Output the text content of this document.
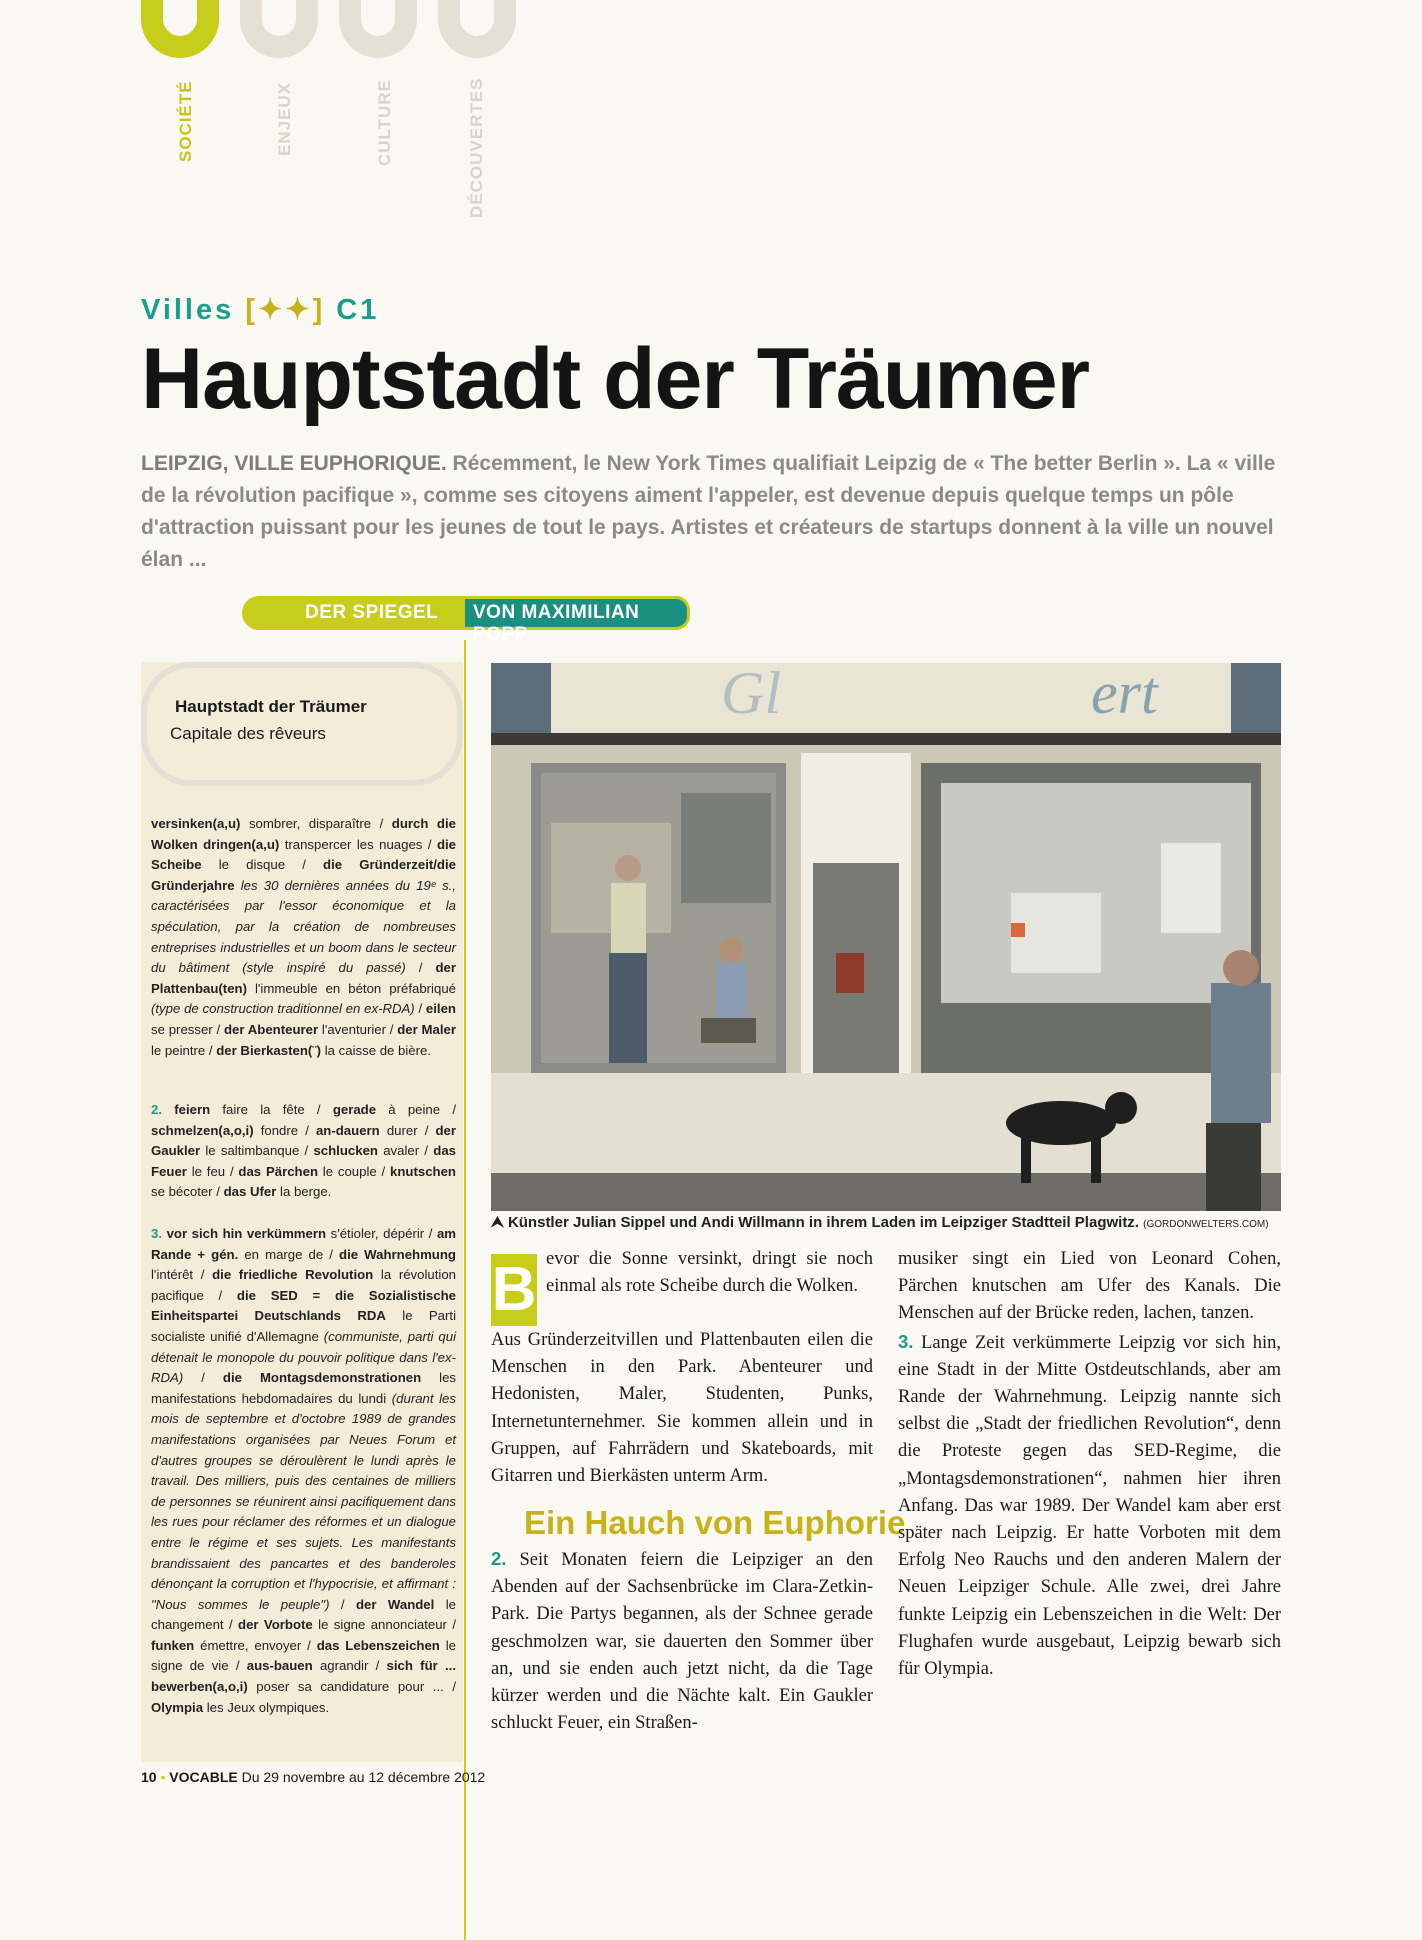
SOCIÉTÉ	ENJEUX	CULTURE	DÉCOUVERTES
Villes [✦✦] C1
Hauptstadt der Träumer
LEIPZIG, VILLE EUPHORIQUE. Récemment, le New York Times qualifiait Leipzig de « The better Berlin ». La « ville de la révolution pacifique », comme ses citoyens aiment l'appeler, est devenue depuis quelque temps un pôle d'attraction puissant pour les jeunes de tout le pays. Artistes et créateurs de startups donnent à la ville un nouvel élan ...
DER SPIEGEL VON MAXIMILIAN POPP
Hauptstadt der Träumer
Capitale des rêveurs
versinken(a,u) sombrer, disparaître / durch die Wolken dringen(a,u) transpercer les nuages / die Scheibe le disque / die Gründerzeit/die Gründerjahre les 30 dernières années du 19ᵉ s., caractérisées par l'essor économique et la spéculation, par la création de nombreuses entreprises industrielles et un boom dans le secteur du bâtiment (style inspiré du passé) / der Plattenbau(ten) l'immeuble en béton préfabriqué (type de construction traditionnel en ex-RDA) / eilen se presser / der Abenteurer l'aventurier / der Maler le peintre / der Bierkasten(¨) la caisse de bière.
2. feiern faire la fête / gerade à peine / schmelzen(a,o,i) fondre / an-dauern durer / der Gaukler le saltimbanque / schlucken avaler / das Feuer le feu / das Pärchen le couple / knutschen se bécoter / das Ufer la berge.
3. vor sich hin verkümmern s'étioler, dépérir / am Rande + gén. en marge de / die Wahrnehmung l'intérêt / die friedliche Revolution la révolution pacifique / die SED = die Sozialistische Einheitspartei Deutschlands RDA le Parti socialiste unifié d'Allemagne (communiste, parti qui détenait le monopole du pouvoir politique dans l'ex-RDA) / die Montagsdemonstrationen les manifestations hebdomadaires du lundi (durant les mois de septembre et d'octobre 1989 de grandes manifestations organisées par Neues Forum et d'autres groupes se déroulèrent le lundi après le travail. Des milliers, puis des centaines de milliers de personnes se réunirent ainsi pacifiquement dans les rues pour réclamer des réformes et un dialogue entre le régime et ses sujets. Les manifestants brandissaient des pancartes et des banderoles dénonçant la corruption et l'hypocrisie, et affirmant : "Nous sommes le peuple") / der Wandel le changement / der Vorbote le signe annonciateur / funken émettre, envoyer / das Lebenszeichen le signe de vie / aus-bauen agrandir / sich für ... bewerben(a,o,i) poser sa candidature pour ... / Olympia les Jeux olympiques.
Gl	ert
⮝ Künstler Julian Sippel und Andi Willmann in ihrem Laden im Leipziger Stadtteil Plagwitz. (GORDONWELTERS.COM)
B evor die Sonne versinkt, dringt sie noch einmal als rote Scheibe durch die Wolken.
Aus Gründerzeitvillen und Plattenbauten eilen die Menschen in den Park. Abenteurer und Hedonisten, Maler, Studenten, Punks, Internetunternehmer. Sie kommen allein und in Gruppen, auf Fahrrädern und Skateboards, mit Gitarren und Bierkästen unterm Arm.
Ein Hauch von Euphorie
2. Seit Monaten feiern die Leipziger an den Abenden auf der Sachsenbrücke im Clara-Zetkin-Park. Die Partys begannen, als der Schnee gerade geschmolzen war, sie dauerten den Sommer über an, und sie enden auch jetzt nicht, da die Tage kürzer werden und die Nächte kalt. Ein Gaukler schluckt Feuer, ein Straßen-
musiker singt ein Lied von Leonard Cohen, Pärchen knutschen am Ufer des Kanals. Die Menschen auf der Brücke reden, lachen, tanzen.
3. Lange Zeit verkümmerte Leipzig vor sich hin, eine Stadt in der Mitte Ostdeutschlands, aber am Rande der Wahrnehmung. Leipzig nannte sich selbst die „Stadt der friedlichen Revolution“, denn die Proteste gegen das SED-Regime, die „Montagsdemonstrationen“, nahmen hier ihren Anfang. Das war 1989. Der Wandel kam aber erst später nach Leipzig. Er hatte Vorboten mit dem Erfolg Neo Rauchs und den anderen Malern der Neuen Leipziger Schule. Alle zwei, drei Jahre funkte Leipzig ein Lebenszeichen in die Welt: Der Flughafen wurde ausgebaut, Leipzig bewarb sich für Olympia.
10 • VOCABLE Du 29 novembre au 12 décembre 2012
